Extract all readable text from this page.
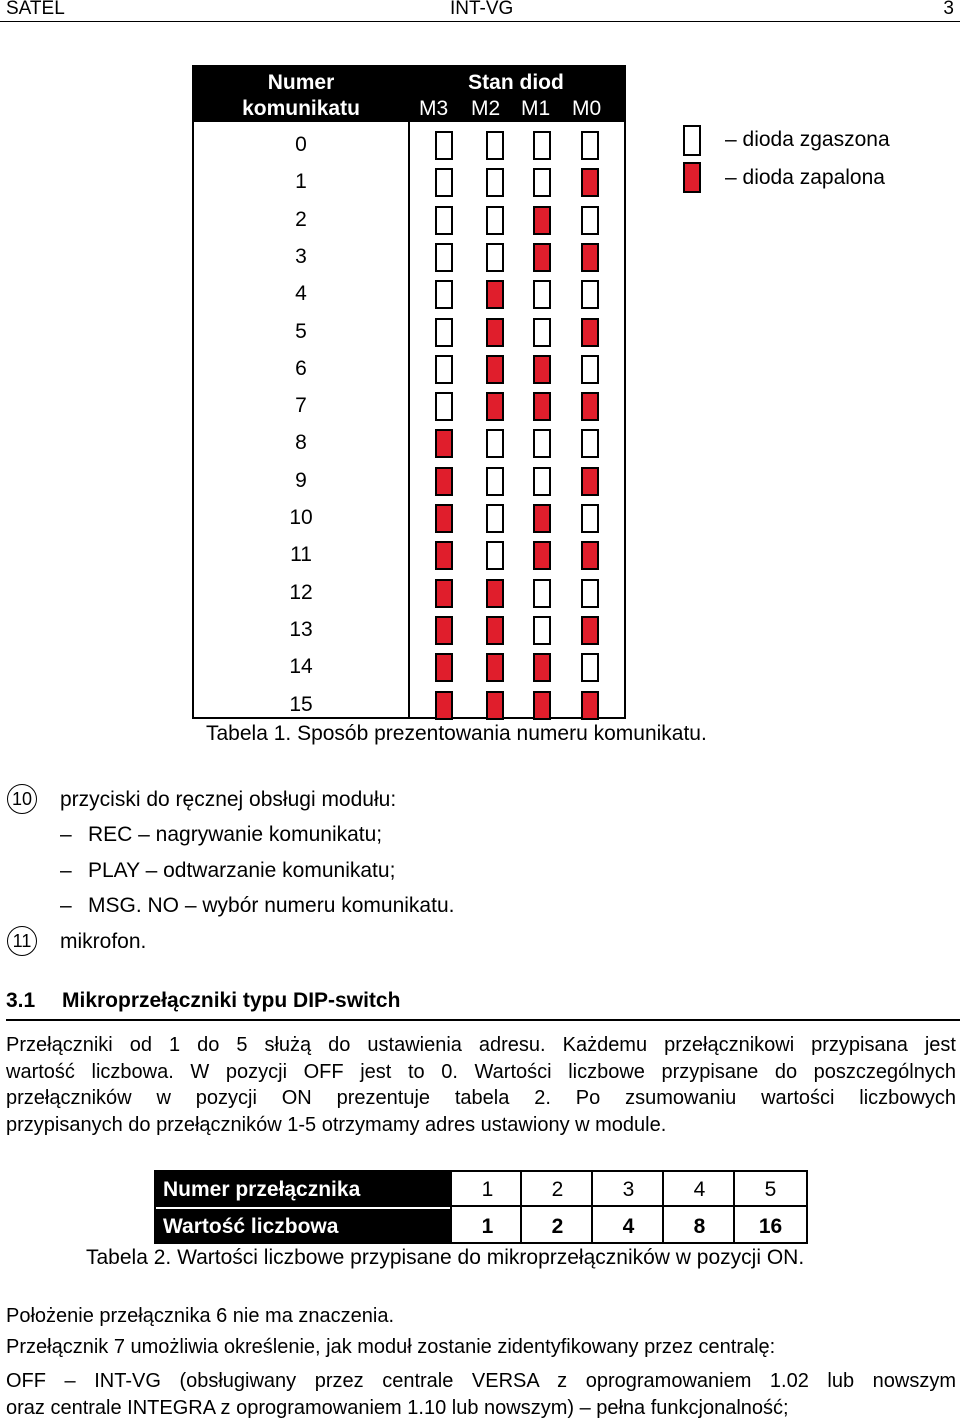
SATEL	INT-VG	3
Numer
komunikatu
Stan diod
M3 M2 M1 M0
0
1
2
3
4
5
6
7
8
9
10
11
12
13
14
15
– dioda zgaszona
– dioda zapalona
Tabela 1. Sposób prezentowania numeru komunikatu.
10 przyciski do ręcznej obsługi modułu:
– REC – nagrywanie komunikatu;
– PLAY – odtwarzanie komunikatu;
– MSG. NO – wybór numeru komunikatu.
11 mikrofon.
3.1 Mikroprzełączniki typu DIP-switch
Przełączniki od 1 do 5 służą do ustawienia adresu. Każdemu przełącznikowi przypisana jest
wartość liczbowa. W pozycji OFF jest to 0. Wartości liczbowe przypisane do poszczególnych
przełączników w pozycji ON prezentuje tabela 2. Po zsumowaniu wartości liczbowych
przypisanych do przełączników 1-5 otrzymamy adres ustawiony w module.
Numer przełącznika
Wartość liczbowa
1
1
2
2
3
4
4
8
5
16
Tabela 2. Wartości liczbowe przypisane do mikroprzełączników w pozycji ON.
Położenie przełącznika 6 nie ma znaczenia.
Przełącznik 7 umożliwia określenie, jak moduł zostanie zidentyfikowany przez centralę:
OFF – INT-VG (obsługiwany przez centrale VERSA z oprogramowaniem 1.02 lub nowszym
oraz centrale INTEGRA z oprogramowaniem 1.10 lub nowszym) – pełna funkcjonalność;
